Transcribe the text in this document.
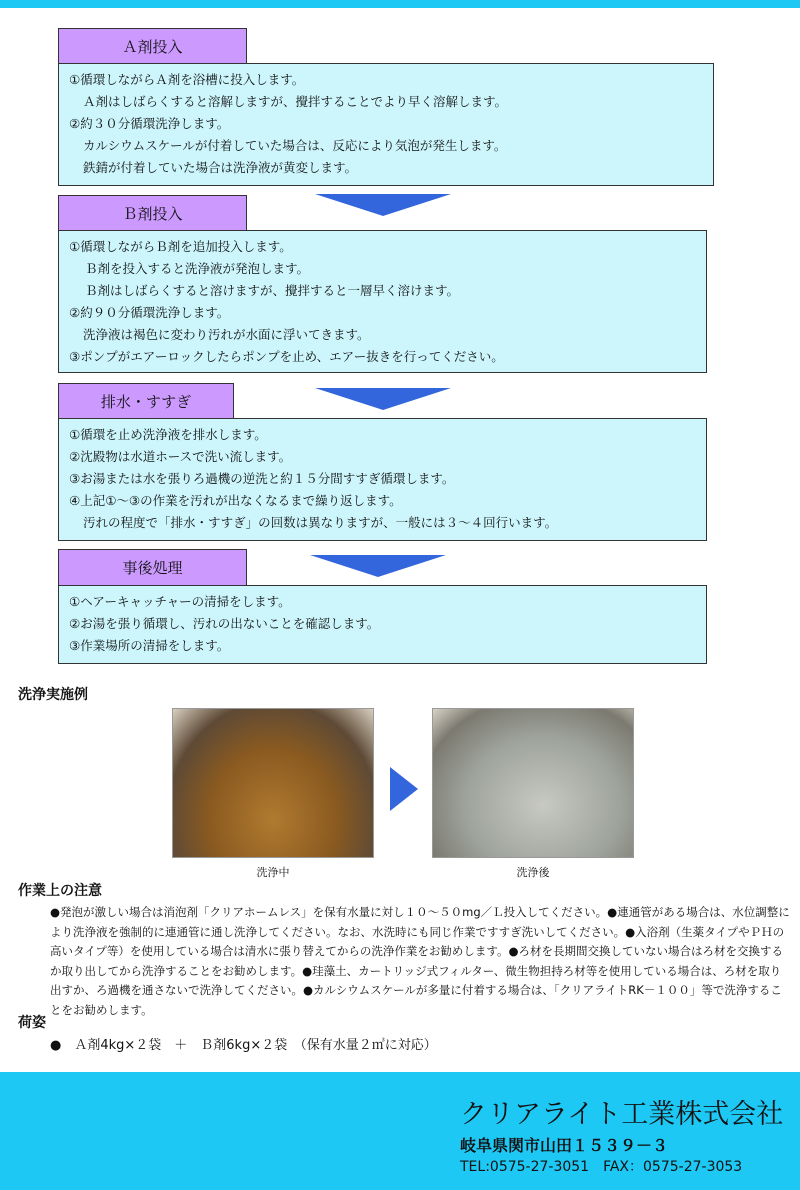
Ａ剤投入
①循環しながらＡ剤を浴槽に投入します。
Ａ剤はしばらくすると溶解しますが、攪拌することでより早く溶解します。
②約３０分循環洗浄します。
カルシウムスケールが付着していた場合は、反応により気泡が発生します。
鉄錆が付着していた場合は洗浄液が黄変します。
Ｂ剤投入
①循環しながらＢ剤を追加投入します。
Ｂ剤を投入すると洗浄液が発泡します。
Ｂ剤はしばらくすると溶けますが、攪拌すると一層早く溶けます。
②約９０分循環洗浄します。
洗浄液は褐色に変わり汚れが水面に浮いてきます。
③ポンプがエアーロックしたらポンプを止め、エアー抜きを行ってください。
排水・すすぎ
①循環を止め洗浄液を排水します。
②沈殿物は水道ホースで洗い流します。
③お湯または水を張りろ過機の逆洗と約１５分間すすぎ循環します。
④上記①～③の作業を汚れが出なくなるまで繰り返します。
汚れの程度で「排水・すすぎ」の回数は異なりますが、一般には３～４回行います。
事後処理
①ヘアーキャッチャーの清掃をします。
②お湯を張り循環し、汚れの出ないことを確認します。
③作業場所の清掃をします。
洗浄実施例
洗浄中	洗浄後
作業上の注意
●発泡が激しい場合は消泡剤「クリアホームレス」を保有水量に対し１０～５０mg／Ｌ投入してください。●連通管がある場合は、水位調整により洗浄液を強制的に連通管に通し洗浄してください。なお、水洗時にも同じ作業ですすぎ洗いしてください。●入浴剤（生薬タイプやＰＨの高いタイプ等）を使用している場合は清水に張り替えてからの洗浄作業をお勧めします。●ろ材を長期間交換していない場合はろ材を交換するか取り出してから洗浄することをお勧めします。●珪藻土、カートリッジ式フィルター、微生物担持ろ材等を使用している場合は、ろ材を取り出すか、ろ過機を通さないで洗浄してください。●カルシウムスケールが多量に付着する場合は、「クリアライトRK－１００」等で洗浄することをお勧めします。
荷姿
●　Ａ剤4kg×２袋　＋　Ｂ剤6kg×２袋　（保有水量２㎥に対応）
クリアライト工業株式会社
岐阜県関市山田１５３９－３
TEL:0575-27-3051　FAX：0575-27-3053
